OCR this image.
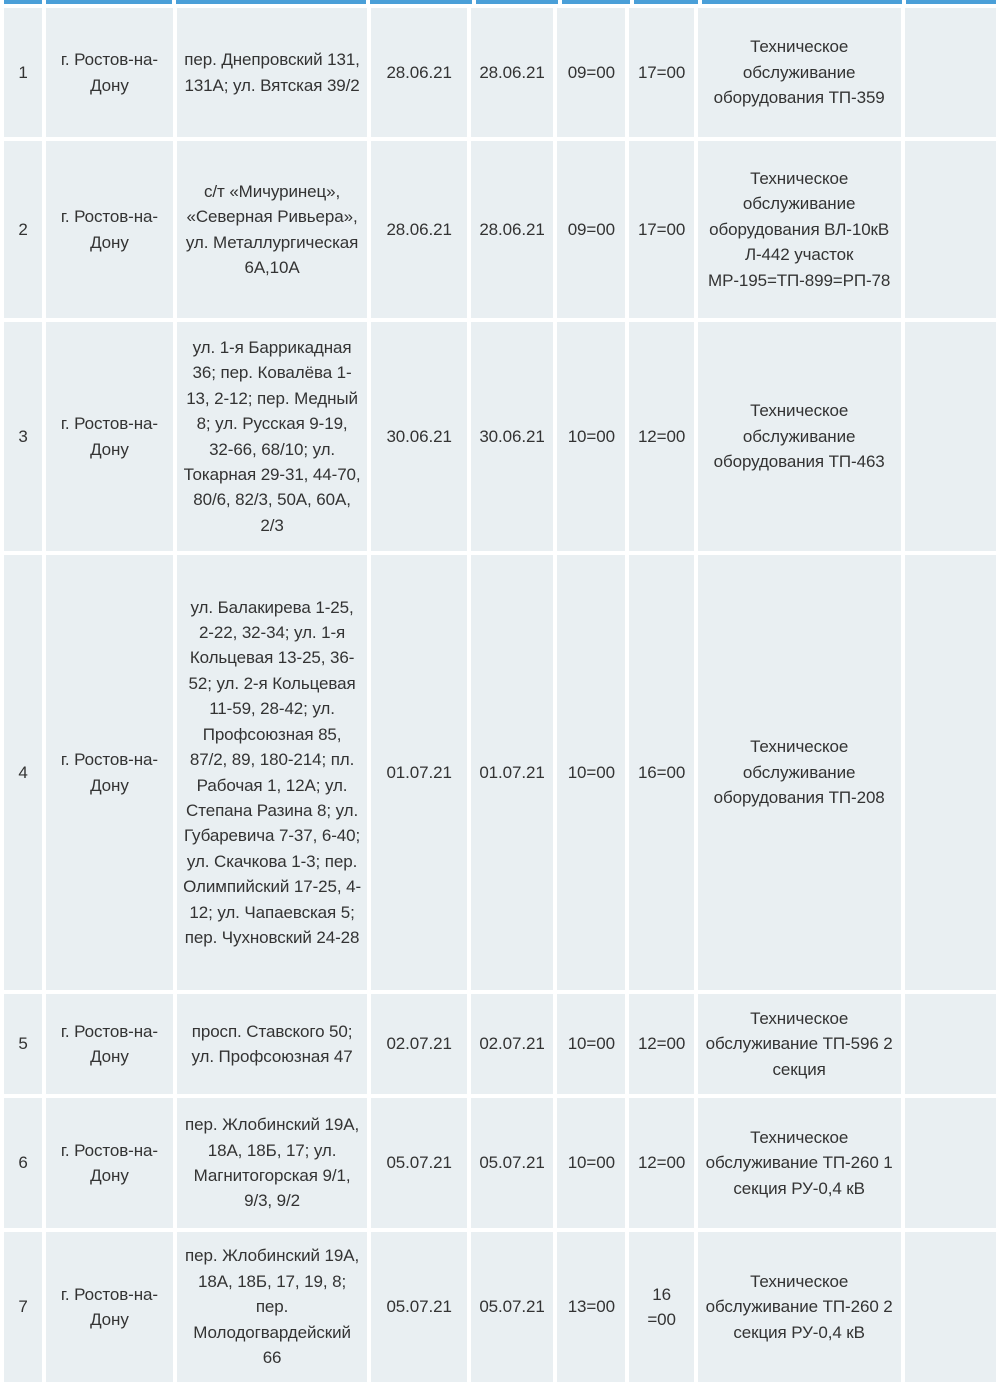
1	г. Ростов-на-Дону	пер. Днепровский 131, 131А; ул. Вятская 39/2	28.06.21	28.06.21	09=00	17=00	Техническое обслуживание оборудования ТП-359	
2	г. Ростов-на-Дону	с/т «Мичуринец», «Северная Ривьера», ул. Металлургическая 6А,10А	28.06.21	28.06.21	09=00	17=00	Техническое обслуживание оборудования ВЛ-10кВ Л-442 участок МР-195=ТП-899=РП-78	
3	г. Ростов-на-Дону	ул. 1-я Баррикадная 36; пер. Ковалёва 1-13, 2-12; пер. Медный 8; ул. Русская 9-19, 32-66, 68/10; ул. Токарная 29-31, 44-70, 80/6, 82/3, 50А, 60А, 2/3	30.06.21	30.06.21	10=00	12=00	Техническое обслуживание оборудования ТП-463	
4	г. Ростов-на-Дону	ул. Балакирева 1-25, 2-22, 32-34; ул. 1-я Кольцевая 13-25, 36-52; ул. 2-я Кольцевая 11-59, 28-42; ул. Профсоюзная 85, 87/2, 89, 180-214; пл. Рабочая 1, 12А; ул. Степана Разина 8; ул. Губаревича 7-37, 6-40; ул. Скачкова 1-3; пер. Олимпийский 17-25, 4-12; ул. Чапаевская 5; пер. Чухновский 24-28	01.07.21	01.07.21	10=00	16=00	Техническое обслуживание оборудования ТП-208	
5	г. Ростов-на-Дону	просп. Ставского 50; ул. Профсоюзная 47	02.07.21	02.07.21	10=00	12=00	Техническое обслуживание ТП-596 2 секция	
6	г. Ростов-на-Дону	пер. Жлобинский 19А, 18А, 18Б, 17; ул. Магнитогорская 9/1, 9/3, 9/2	05.07.21	05.07.21	10=00	12=00	Техническое обслуживание ТП-260 1 секция РУ-0,4 кВ	
7	г. Ростов-на-Дону	пер. Жлобинский 19А, 18А, 18Б, 17, 19, 8; пер. Молодогвардейский 66	05.07.21	05.07.21	13=00	16 =00	Техническое обслуживание ТП-260 2 секция РУ-0,4 кВ	
